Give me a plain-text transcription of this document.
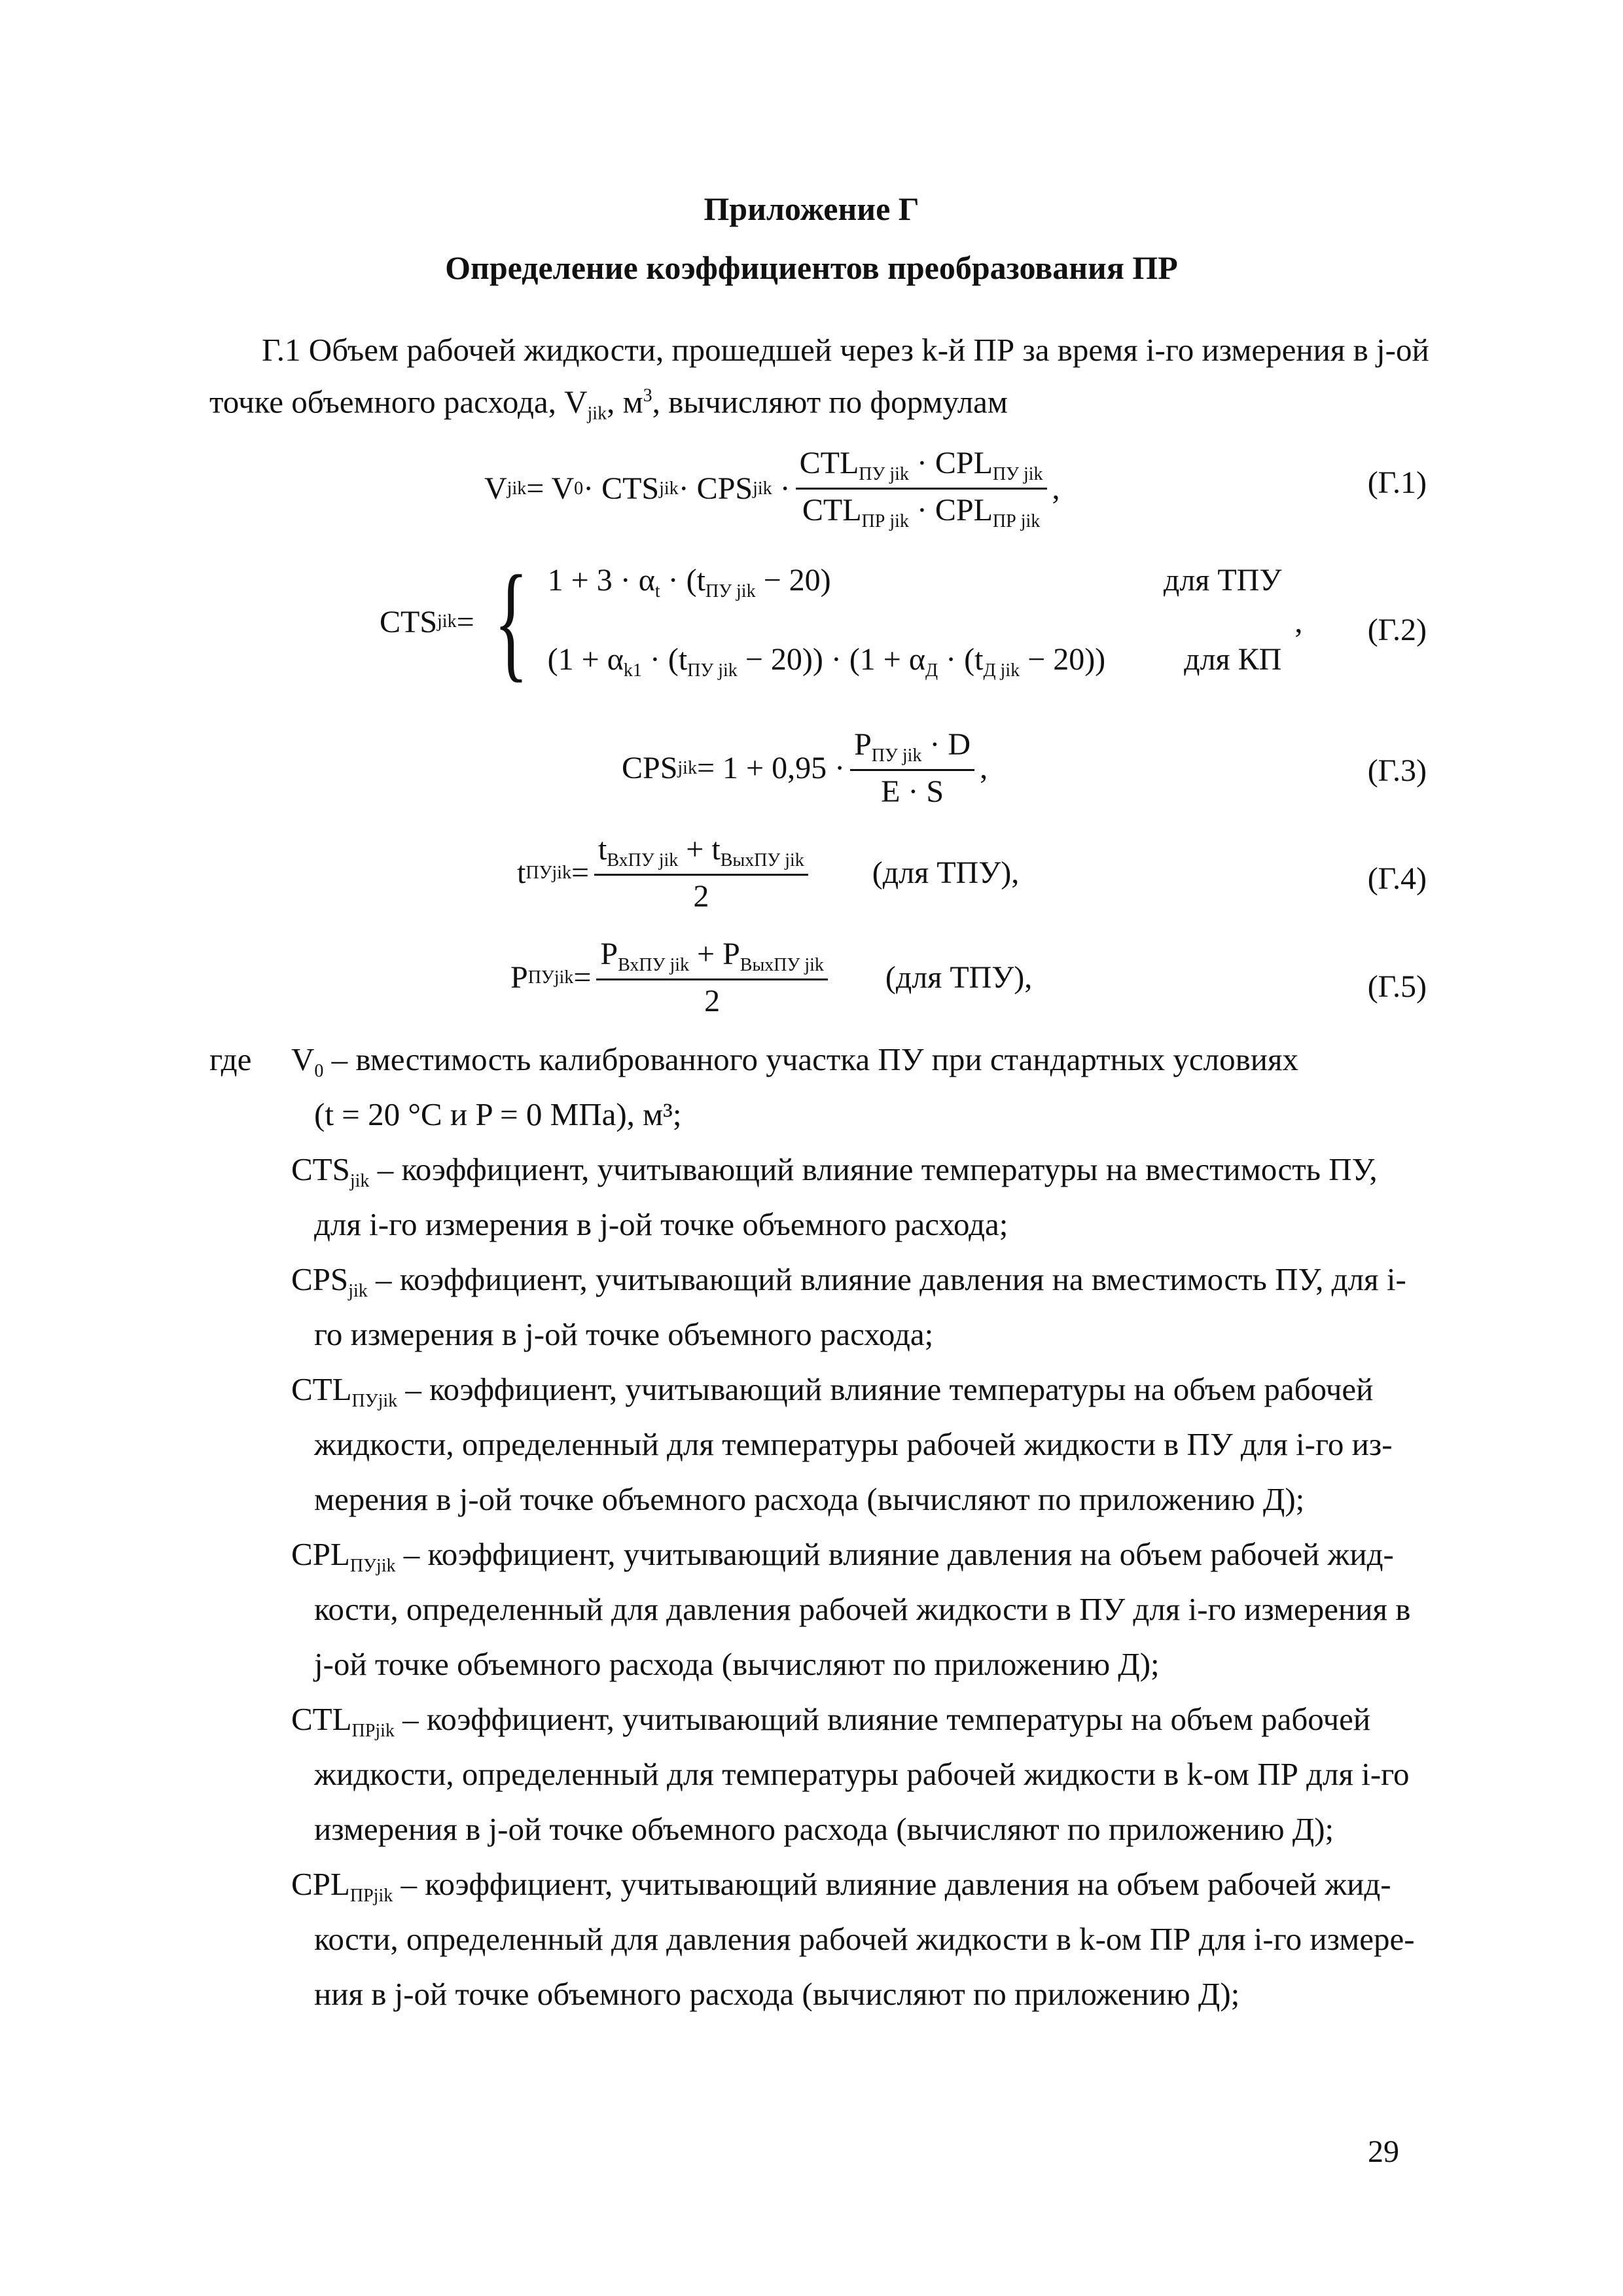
Приложение Г
Определение коэффициентов преобразования ПР
Г.1 Объем рабочей жидкости, прошедшей через k-й ПР за время i-го измерения в j-ой
точке объемного расхода, $V_{jik}$, $м^3$, вычисляют по формулам
V jik = V 0 · CTS jik · CPS jik · $\frac{CTL_{ПУ jik} \cdot CPL_{ПУ jik}}{CTL_{ПР jik} \cdot CPL_{ПР jik}}$ ,	(Г.1)
CTS jik = { $1 + 3 \cdot \alpha_t \cdot (t_{ПУ jik} - 20)$	для ТПУ
$(1 + \alpha_{k1} \cdot (t_{ПУ jik} - 20)) \cdot (1 + \alpha_Д \cdot (t_{Д jik} - 20))$	для КП
, (Г.2)
CPS jik = $1 + 0,95 \cdot \frac{P_{ПУ jik} \cdot D}{E \cdot S}$ ,	(Г.3)
t ПУjik = $\frac{t_{ВхПУ jik} + t_{ВыхПУ jik}}{2} (для$ ТПУ),	(Г.4)
P ПУjik = $\frac{P_{ВхПУ jik} + P_{ВыхПУ jik}}{2} (для$ ТПУ),	(Г.5)
где $V_0$ – вместимость калиброванного участка ПУ при стандартных условиях
(t = 20 °C и P = 0 МПа), м³;
$CTS_{jik}$ – коэффициент, учитывающий влияние температуры на вместимость ПУ,
для i-го измерения в j-ой точке объемного расхода;
$CPS_{jik}$ – коэффициент, учитывающий влияние давления на вместимость ПУ, для i-
го измерения в j-ой точке объемного расхода;
$CTL_{ПУjik}$ – коэффициент, учитывающий влияние температуры на объем рабочей
жидкости, определенный для температуры рабочей жидкости в ПУ для i-го из-
мерения в j-ой точке объемного расхода (вычисляют по приложению Д);
$CPL_{ПУjik}$ – коэффициент, учитывающий влияние давления на объем рабочей жид-
кости, определенный для давления рабочей жидкости в ПУ для i-го измерения в
j-ой точке объемного расхода (вычисляют по приложению Д);
$CTL_{ПРjik}$ – коэффициент, учитывающий влияние температуры на объем рабочей
жидкости, определенный для температуры рабочей жидкости в k-ом ПР для i-го
измерения в j-ой точке объемного расхода (вычисляют по приложению Д);
$CPL_{ПРjik}$ – коэффициент, учитывающий влияние давления на объем рабочей жид-
кости, определенный для давления рабочей жидкости в k-ом ПР для i-го измере-
ния в j-ой точке объемного расхода (вычисляют по приложению Д);
29
